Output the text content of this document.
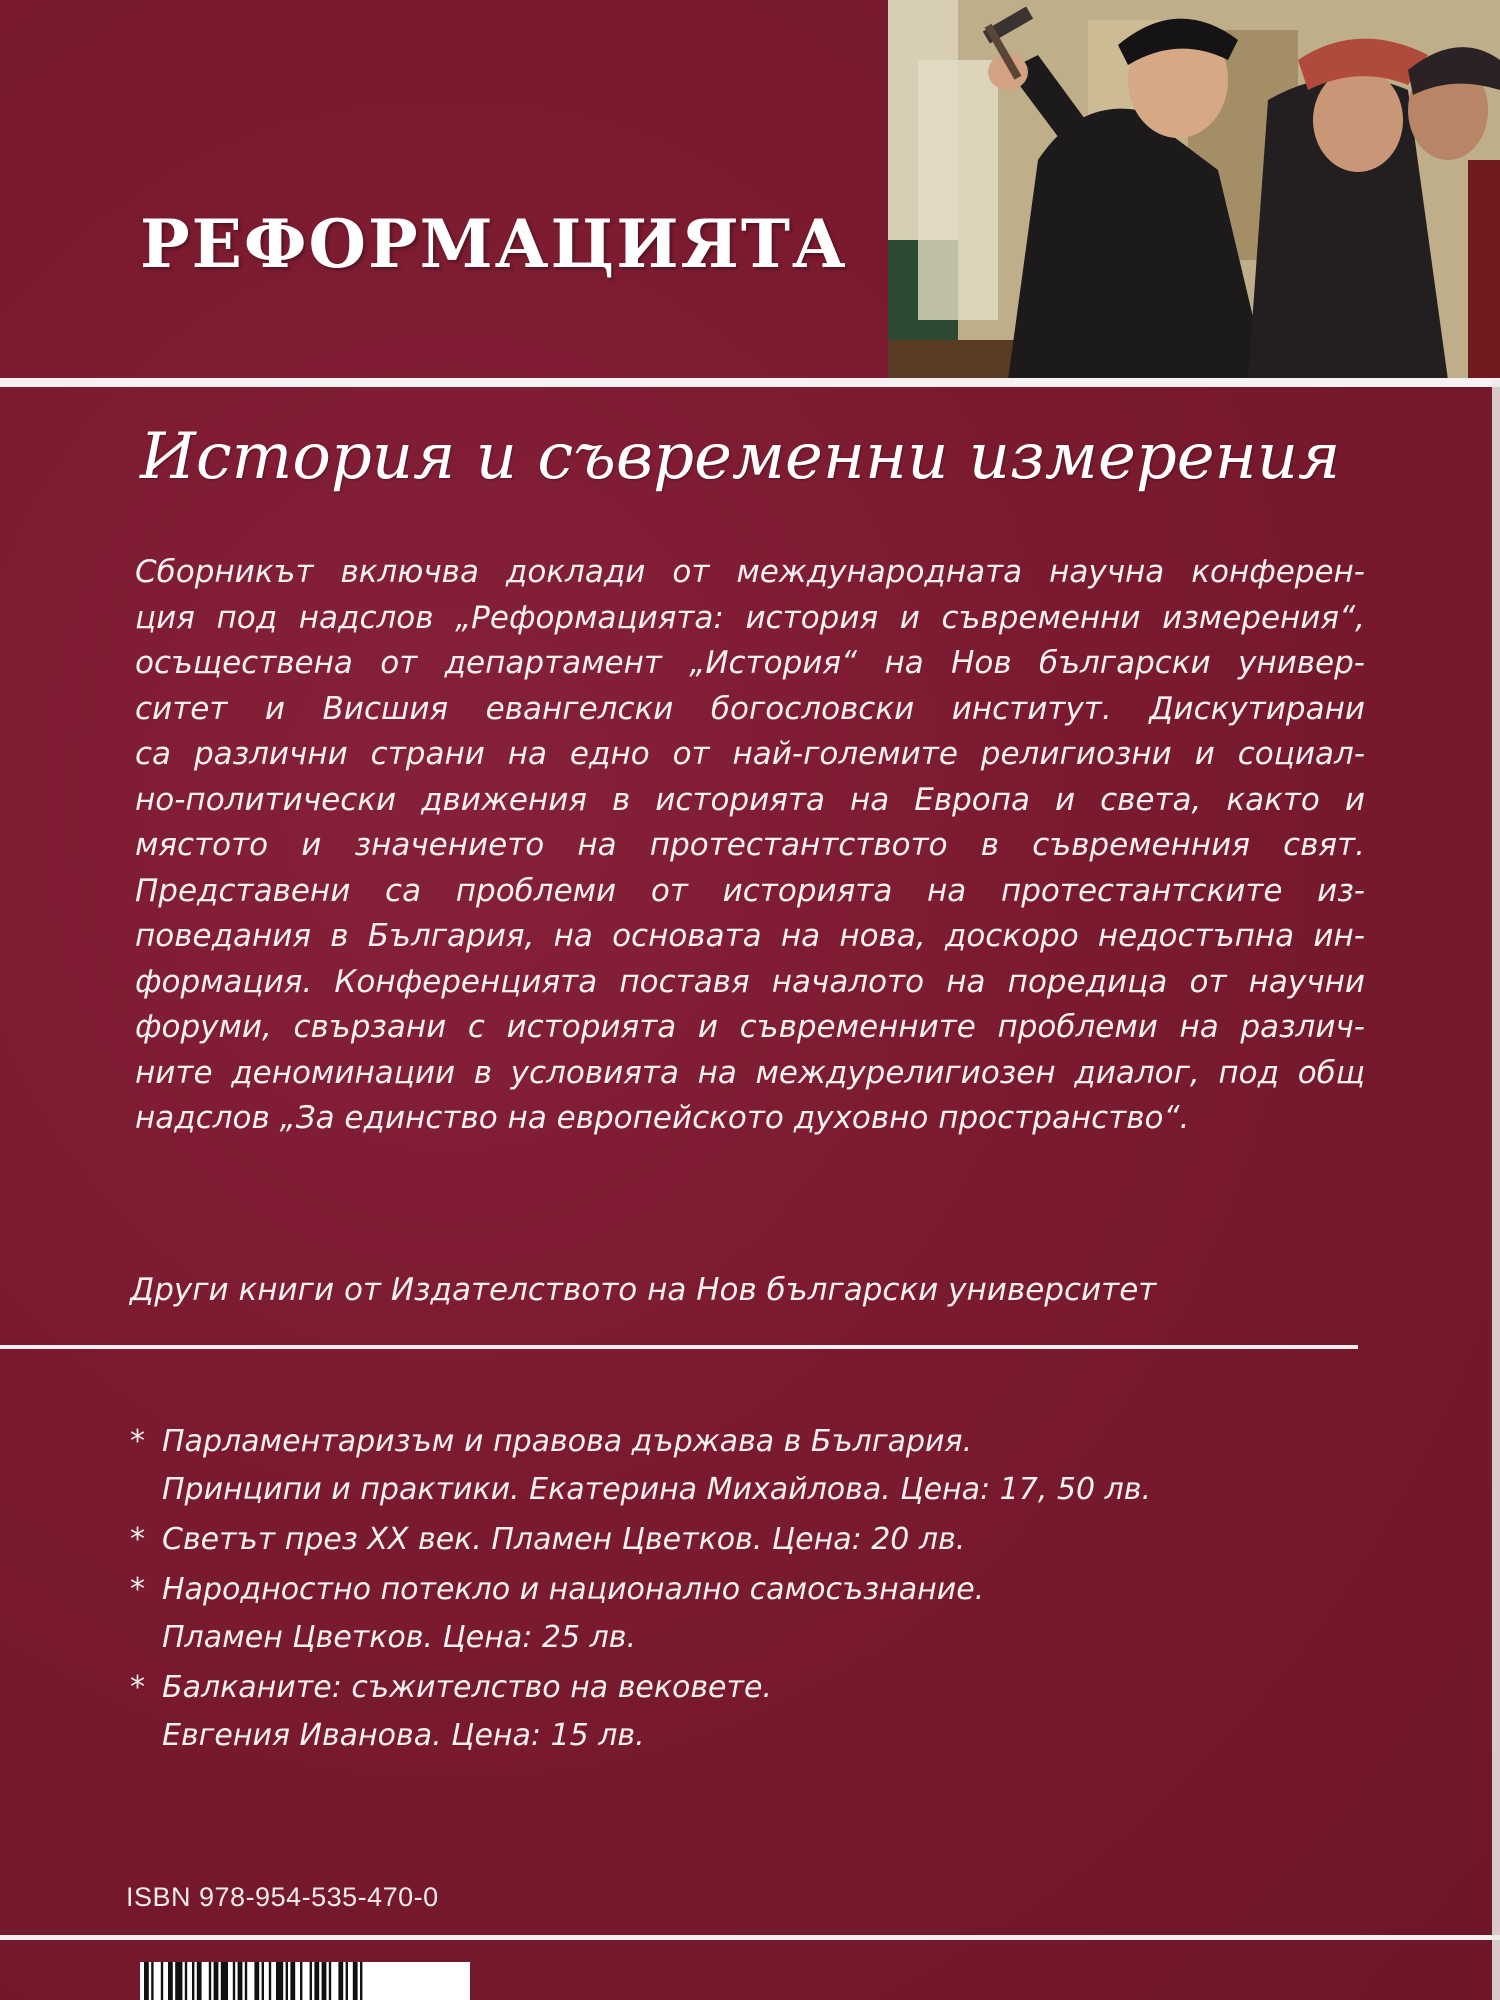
РЕФОРМАЦИЯТА
История и съвременни измерения
Сборникът включва доклади от международната научна конферен-
ция под надслов „Реформацията: история и съвременни измерения“,
осъществена от департамент „История“ на Нов български универ-
ситет и Висшия евангелски богословски институт. Дискутирани
са различни страни на едно от най-големите религиозни и социал-
но-политически движения в историята на Европа и света, както и
мястото и значението на протестантството в съвременния свят.
Представени са проблеми от историята на протестантските из-
поведания в България, на основата на нова, доскоро недостъпна ин-
формация. Конференцията поставя началото на поредица от научни
форуми, свързани с историята и съвременните проблеми на различ-
ните деноминации в условията на междурелигиозен диалог, под общ
надслов „За единство на европейското духовно пространство“.
Други книги от Издателството на Нов български университет
* Парламентаризъм и правова държава в България.
Принципи и практики. Екатерина Михайлова. Цена: 17, 50 лв.
* Светът през XX век. Пламен Цветков. Цена: 20 лв.
* Народностно потекло и национално самосъзнание.
Пламен Цветков. Цена: 25 лв.
* Балканите: съжителство на вековете.
Евгения Иванова. Цена: 15 лв.
ISBN 978-954-535-470-0
